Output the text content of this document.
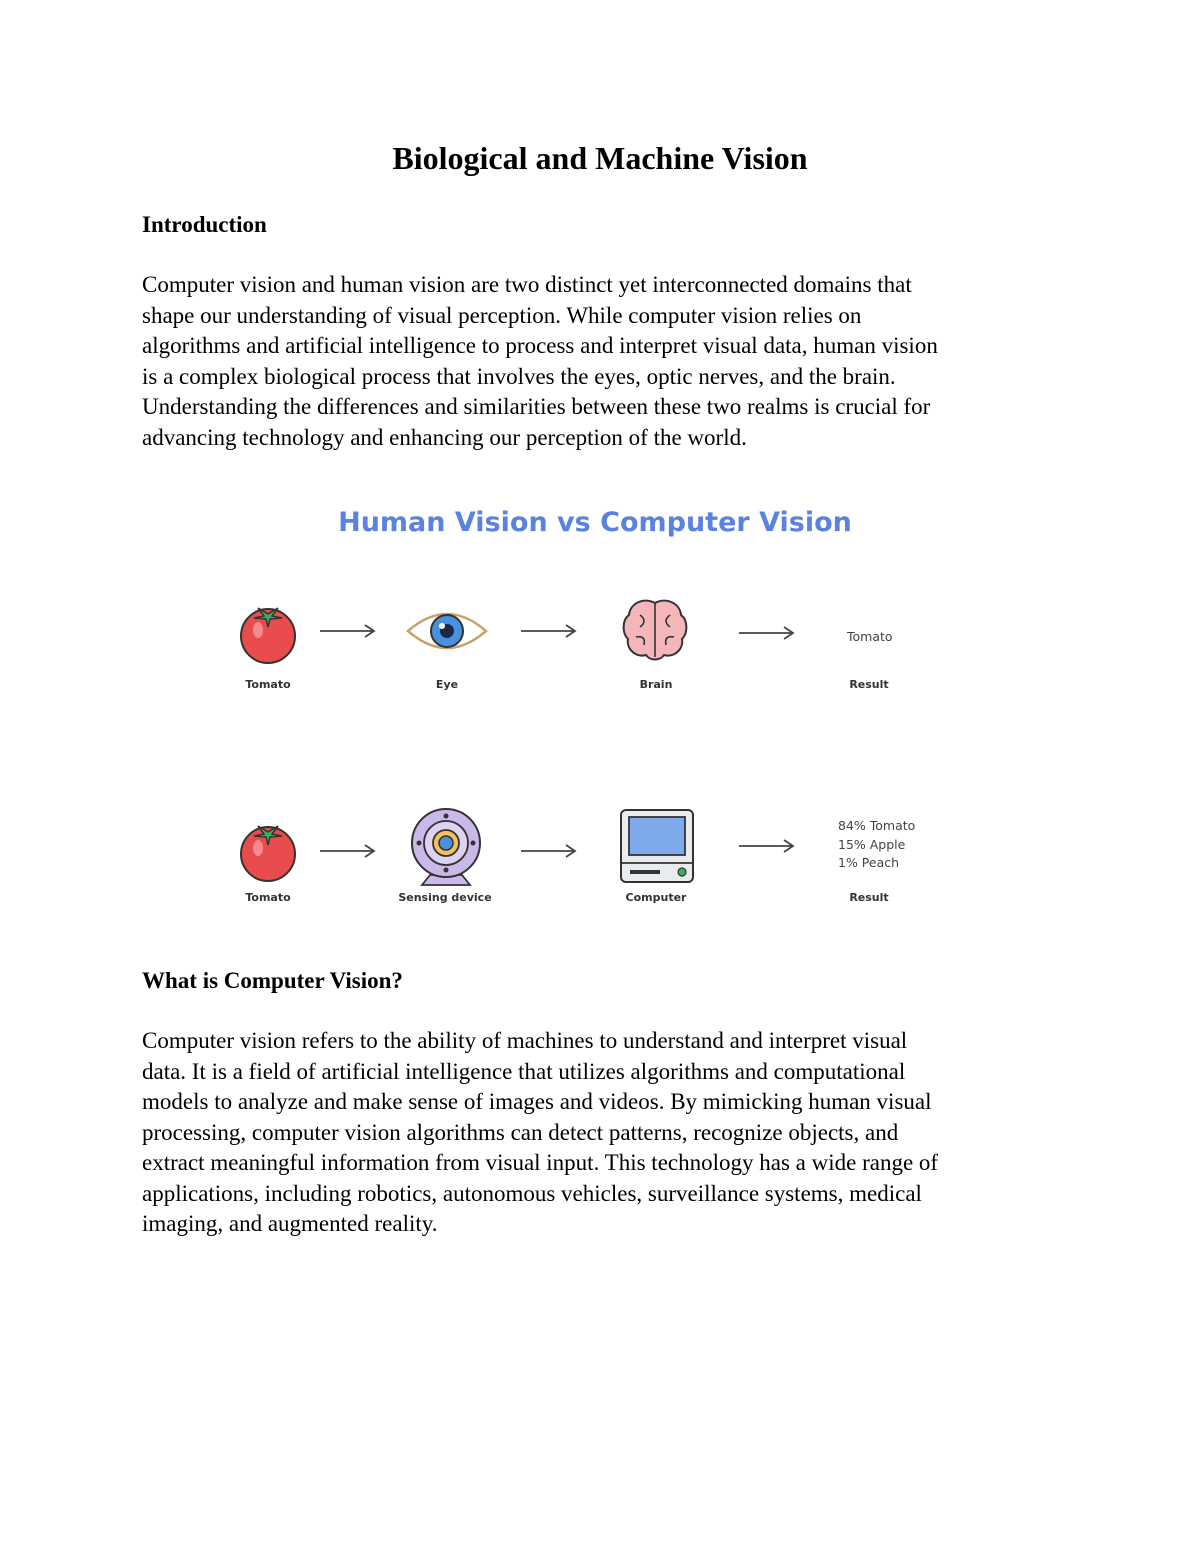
Biological and Machine Vision
Introduction
Computer vision and human vision are two distinct yet interconnected domains that
shape our understanding of visual perception. While computer vision relies on
algorithms and artificial intelligence to process and interpret visual data, human vision
is a complex biological process that involves the eyes, optic nerves, and the brain.
Understanding the differences and similarities between these two realms is crucial for
advancing technology and enhancing our perception of the world.
Human Vision vs Computer Vision
Tomato
Tomato	Eye	Brain	Result
84% Tomato
15% Apple
1% Peach
Tomato	Sensing device	Computer	Result
What is Computer Vision?
Computer vision refers to the ability of machines to understand and interpret visual
data. It is a field of artificial intelligence that utilizes algorithms and computational
models to analyze and make sense of images and videos. By mimicking human visual
processing, computer vision algorithms can detect patterns, recognize objects, and
extract meaningful information from visual input. This technology has a wide range of
applications, including robotics, autonomous vehicles, surveillance systems, medical
imaging, and augmented reality.
